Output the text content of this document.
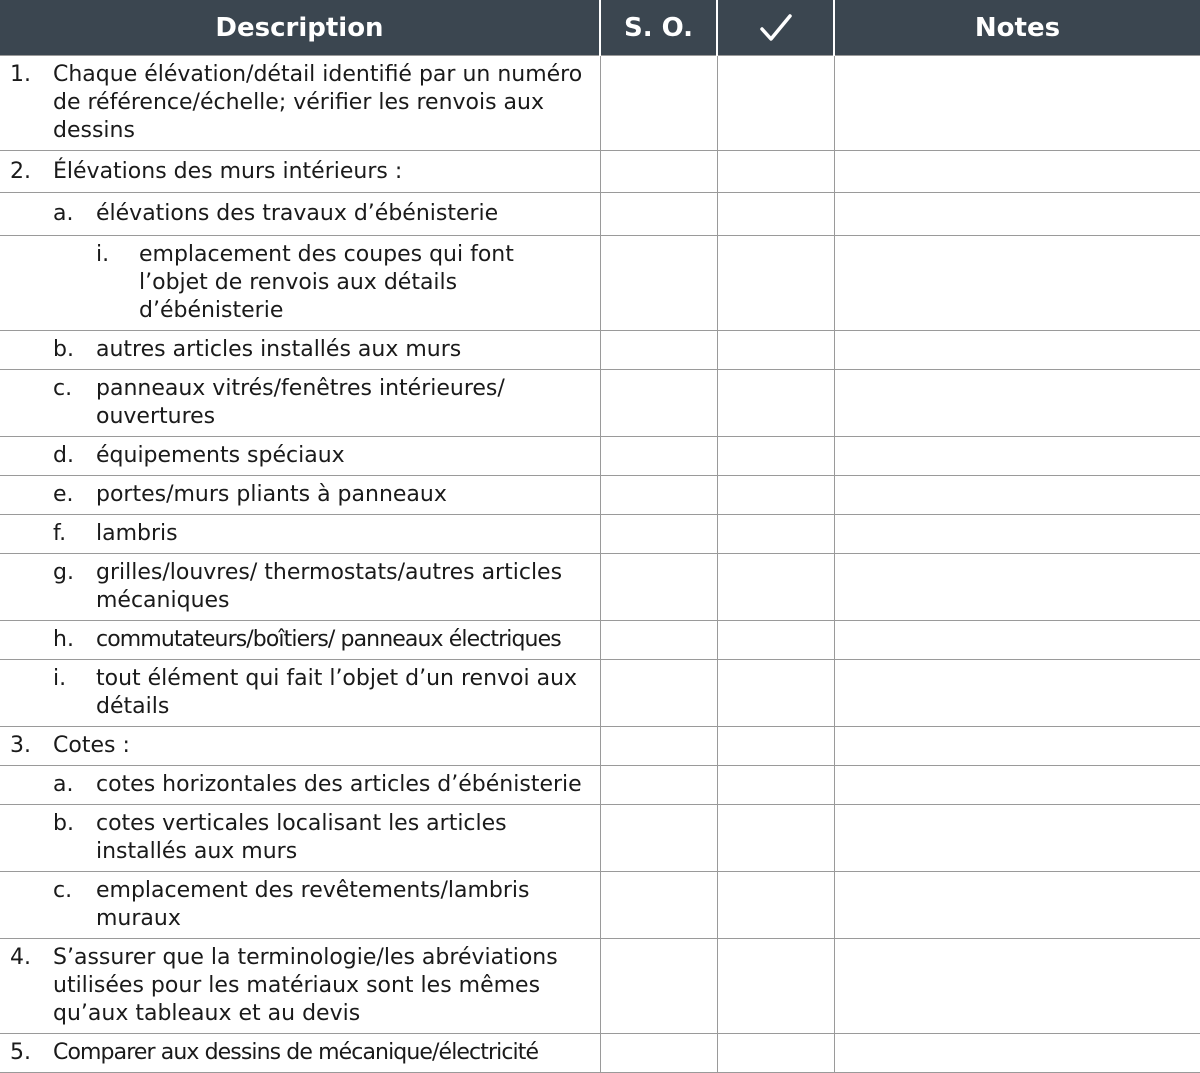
Description	S. O.		Notes

1. Chaque élévation/détail identifié par un numéro de référence/échelle; vérifier les renvois aux dessins			

2. Élévations des murs intérieurs :			

a. élévations des travaux d’ébénisterie			

i. emplacement des coupes qui font l’objet de renvois aux détails d’ébénisterie			

b. autres articles installés aux murs			

c. panneaux vitrés/fenêtres intérieures/ ouvertures			

d. équipements spéciaux			

e. portes/murs pliants à panneaux			

f. lambris			

g. grilles/louvres/ thermostats/autres articles mécaniques			

h. commutateurs/boîtiers/ panneaux électriques			

i. tout élément qui fait l’objet d’un renvoi aux détails			

3. Cotes :			

a. cotes horizontales des articles d’ébénisterie			

b. cotes verticales localisant les articles installés aux murs			

c. emplacement des revêtements/lambris muraux			

4. S’assurer que la terminologie/les abréviations utilisées pour les matériaux sont les mêmes qu’aux tableaux et au devis			

5. Comparer aux dessins de mécanique/électricité			
